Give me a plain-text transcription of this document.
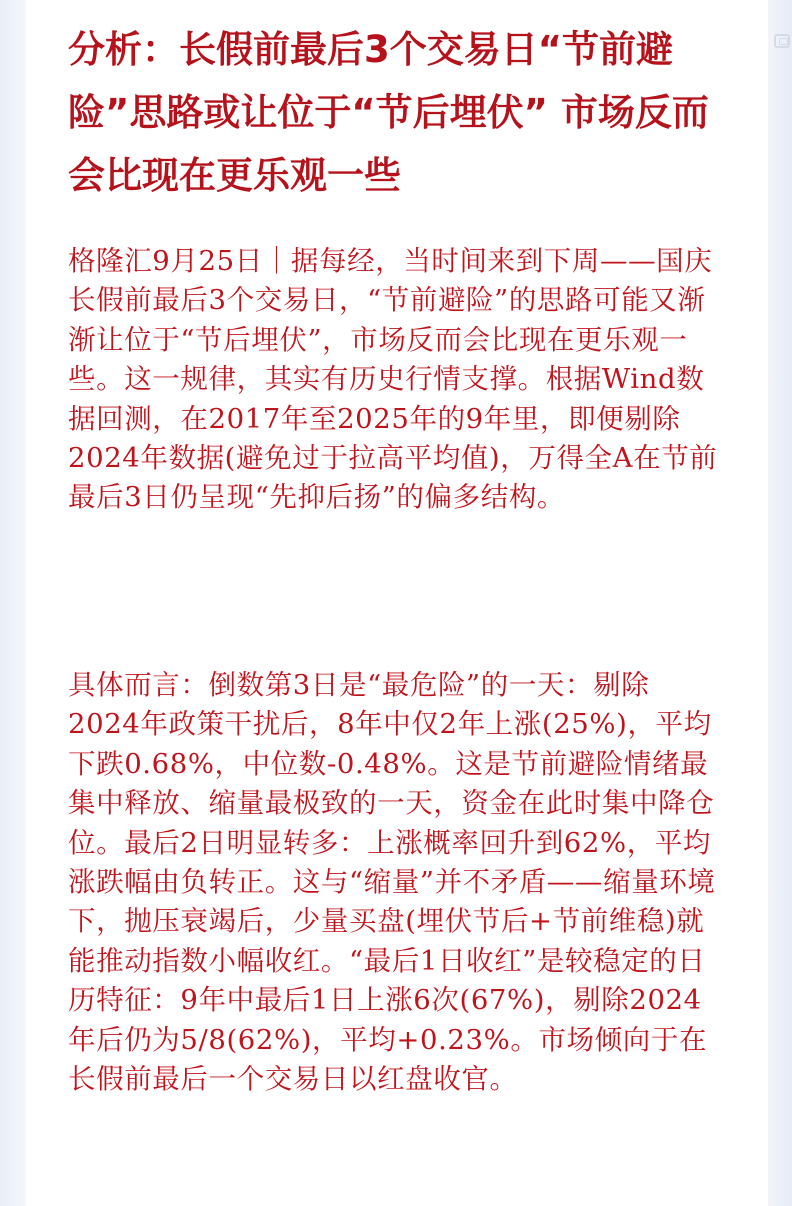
分析：长假前最后3个交易日“节前避险”思路或让位于“节后埋伏” 市场反而会比现在更乐观一些

格隆汇9月25日｜据每经，当时间来到下周——国庆长假前最后3个交易日，“节前避险”的思路可能又渐渐让位于“节后埋伏”，市场反而会比现在更乐观一些。这一规律，其实有历史行情支撑。根据Wind数据回测，在2017年至2025年的9年里，即便剔除2024年数据(避免过于拉高平均值)，万得全A在节前最后3日仍呈现“先抑后扬”的偏多结构。

具体而言：倒数第3日是“最危险”的一天：剔除2024年政策干扰后，8年中仅2年上涨(25%)，平均下跌0.68%，中位数-0.48%。这是节前避险情绪最集中释放、缩量最极致的一天，资金在此时集中降仓位。最后2日明显转多：上涨概率回升到62%，平均涨跌幅由负转正。这与“缩量”并不矛盾——缩量环境下，抛压衰竭后，少量买盘(埋伏节后+节前维稳)就能推动指数小幅收红。“最后1日收红”是较稳定的日历特征：9年中最后1日上涨6次(67%)，剔除2024年后仍为5/8(62%)，平均+0.23%。市场倾向于在长假前最后一个交易日以红盘收官。
